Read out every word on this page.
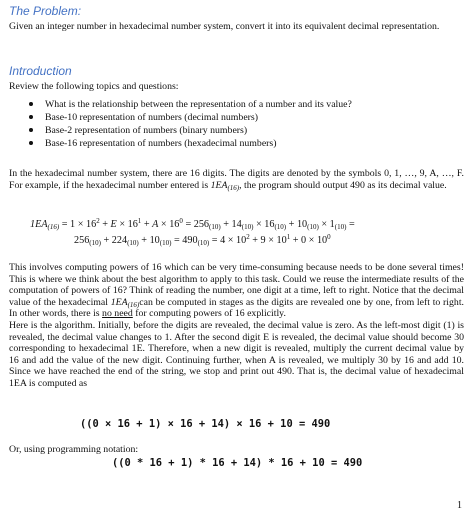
The Problem:

Given an integer number in hexadecimal number system, convert it into its equivalent decimal representation.

Introduction

Review the following topics and questions:

What is the relationship between the representation of a number and its value?
Base-10 representation of numbers (decimal numbers)
Base-2 representation of numbers (binary numbers)
Base-16 representation of numbers (hexadecimal numbers)

In the hexadecimal number system, there are 16 digits. The digits are denoted by the symbols 0, 1, …, 9, A, …, F. For example, if the hexadecimal number entered is $1EA_{(16)}$, the program should output 490 as its decimal value.

$1EA_{(16)} = 1 \times 16^2 + E \times 16^1 + A \times 16^0 = 256_{(10)} + 14_{(10)} \times 16_{(10)} + 10_{(10)} \times 1_{(10)}$ =
$256_{(10)} + 224_{(10)} + 10_{(10)} = 490_{(10)} = 4 \times 10^2 + 9 \times 10^1 + 0 \times 10^0$

This involves computing powers of 16 which can be very time-consuming because needs to be done several times! This is where we think about the best algorithm to apply to this task. Could we reuse the intermediate results of the computation of powers of 16? Think of reading the number, one digit at a time, left to right. Notice that the decimal value of the hexadecimal $1EA_{(16)}can$ be computed in stages as the digits are revealed one by one, from left to right. In other words, there is no need for computing powers of 16 explicitly.

Here is the algorithm. Initially, before the digits are revealed, the decimal value is zero. As the left-most digit (1) is revealed, the decimal value changes to 1. After the second digit E is revealed, the decimal value should become 30 corresponding to hexadecimal 1E. Therefore, when a new digit is revealed, multiply the current decimal value by 16 and add the value of the new digit. Continuing further, when A is revealed, we multiply 30 by 16 and add 10. Since we have reached the end of the string, we stop and print out 490. That is, the decimal value of hexadecimal 1EA is computed as

((0 × 16 + 1) × 16 + 14) × 16 + 10 = 490

Or, using programming notation:

((0 * 16 + 1) * 16 + 14) * 16 + 10 = 490
1
